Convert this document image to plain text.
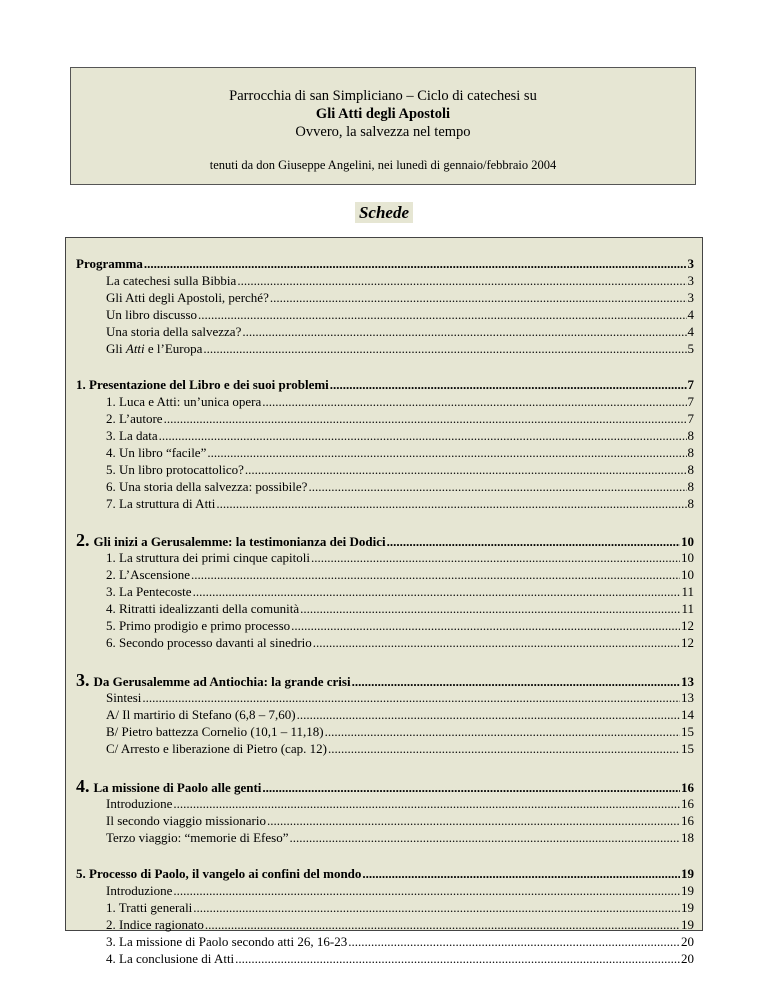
Parrocchia di san Simpliciano – Ciclo di catechesi su
Gli Atti degli Apostoli
Ovvero, la salvezza nel tempo
tenuti da don Giuseppe Angelini, nei lunedì di gennaio/febbraio 2004
Schede
Programma .....	3
La catechesi sulla Bibbia .....	3
Gli Atti degli Apostoli, perché? .....	3
Un libro discusso .....	4
Una storia della salvezza? .....	4
Gli Atti e l’Europa .....	5
1. Presentazione del Libro e dei suoi problemi .....	7
1. Luca e Atti: un’unica opera .....	7
2. L’autore .....	7
3. La data .....	8
4. Un libro “facile” .....	8
5. Un libro protocattolico? .....	8
6. Una storia della salvezza: possibile? .....	8
7. La struttura di Atti .....	8
2. Gli inizi a Gerusalemme: la testimonianza dei Dodici .....	10
1. La struttura dei primi cinque capitoli .....	10
2. L’Ascensione .....	10
3. La Pentecoste .....	11
4. Ritratti idealizzanti della comunità .....	11
5. Primo prodigio e primo processo .....	12
6. Secondo processo davanti al sinedrio .....	12
3. Da Gerusalemme ad Antiochia: la grande crisi .....	13
Sintesi .....	13
A/ Il martirio di Stefano (6,8 – 7,60) .....	14
B/ Pietro battezza Cornelio (10,1 – 11,18) .....	15
C/ Arresto e liberazione di Pietro (cap. 12) .....	15
4. La missione di Paolo alle genti .....	16
Introduzione .....	16
Il secondo viaggio missionario .....	16
Terzo viaggio: “memorie di Efeso” .....	18
5. Processo di Paolo, il vangelo ai confini del mondo .....	19
Introduzione .....	19
1. Tratti generali .....	19
2. Indice ragionato .....	19
3. La missione di Paolo secondo atti 26, 16-23 .....	20
4. La conclusione di Atti .....	20
